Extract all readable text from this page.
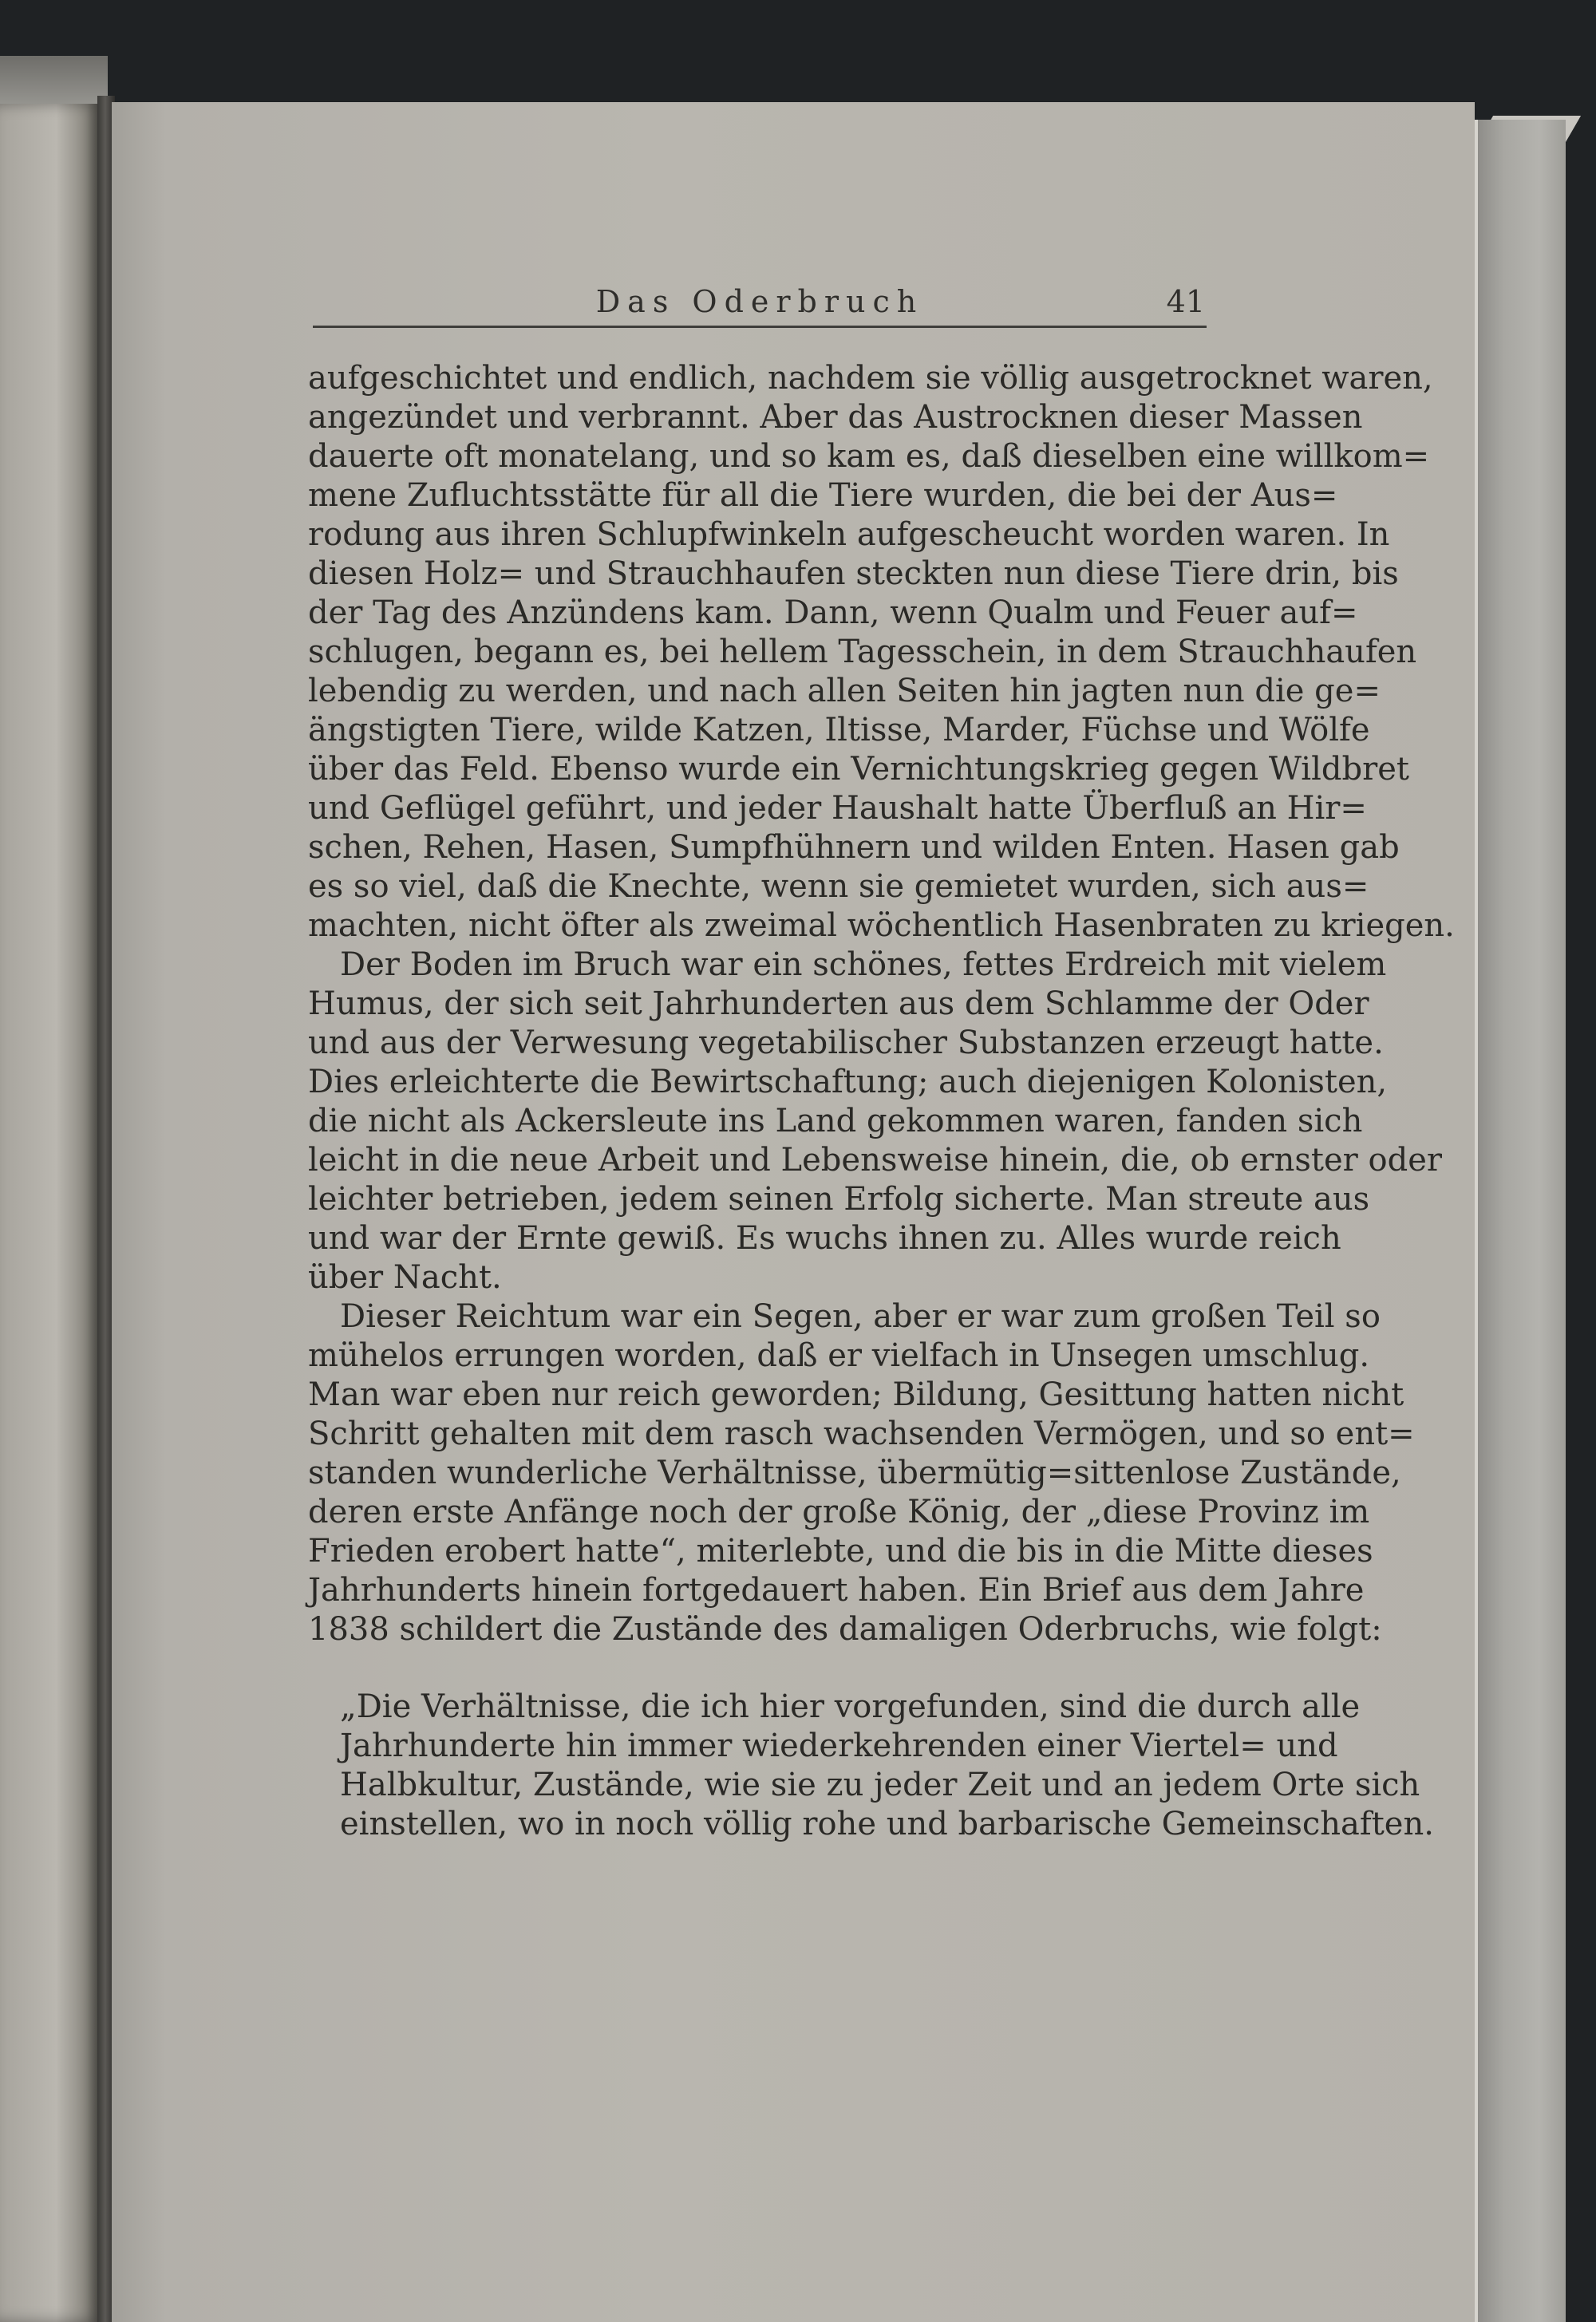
Das Oderbruch	41
aufgeschichtet und endlich, nachdem sie völlig ausgetrocknet waren,
angezündet und verbrannt. Aber das Austrocknen dieser Massen
dauerte oft monatelang, und so kam es, daß dieselben eine willkom=
mene Zufluchtsstätte für all die Tiere wurden, die bei der Aus=
rodung aus ihren Schlupfwinkeln aufgescheucht worden waren. In
diesen Holz= und Strauchhaufen steckten nun diese Tiere drin, bis
der Tag des Anzündens kam. Dann, wenn Qualm und Feuer auf=
schlugen, begann es, bei hellem Tagesschein, in dem Strauchhaufen
lebendig zu werden, und nach allen Seiten hin jagten nun die ge=
ängstigten Tiere, wilde Katzen, Iltisse, Marder, Füchse und Wölfe
über das Feld. Ebenso wurde ein Vernichtungskrieg gegen Wildbret
und Geflügel geführt, und jeder Haushalt hatte Überfluß an Hir=
schen, Rehen, Hasen, Sumpfhühnern und wilden Enten. Hasen gab
es so viel, daß die Knechte, wenn sie gemietet wurden, sich aus=
machten, nicht öfter als zweimal wöchentlich Hasenbraten zu kriegen.
Der Boden im Bruch war ein schönes, fettes Erdreich mit vielem
Humus, der sich seit Jahrhunderten aus dem Schlamme der Oder
und aus der Verwesung vegetabilischer Substanzen erzeugt hatte.
Dies erleichterte die Bewirtschaftung; auch diejenigen Kolonisten,
die nicht als Ackersleute ins Land gekommen waren, fanden sich
leicht in die neue Arbeit und Lebensweise hinein, die, ob ernster oder
leichter betrieben, jedem seinen Erfolg sicherte. Man streute aus
und war der Ernte gewiß. Es wuchs ihnen zu. Alles wurde reich
über Nacht.
Dieser Reichtum war ein Segen, aber er war zum großen Teil so
mühelos errungen worden, daß er vielfach in Unsegen umschlug.
Man war eben nur reich geworden; Bildung, Gesittung hatten nicht
Schritt gehalten mit dem rasch wachsenden Vermögen, und so ent=
standen wunderliche Verhältnisse, übermütig=sittenlose Zustände,
deren erste Anfänge noch der große König, der „diese Provinz im
Frieden erobert hatte“, miterlebte, und die bis in die Mitte dieses
Jahrhunderts hinein fortgedauert haben. Ein Brief aus dem Jahre
1838 schildert die Zustände des damaligen Oderbruchs, wie folgt:
„Die Verhältnisse, die ich hier vorgefunden, sind die durch alle
Jahrhunderte hin immer wiederkehrenden einer Viertel= und
Halbkultur, Zustände, wie sie zu jeder Zeit und an jedem Orte sich
einstellen, wo in noch völlig rohe und barbarische Gemeinschaften.
